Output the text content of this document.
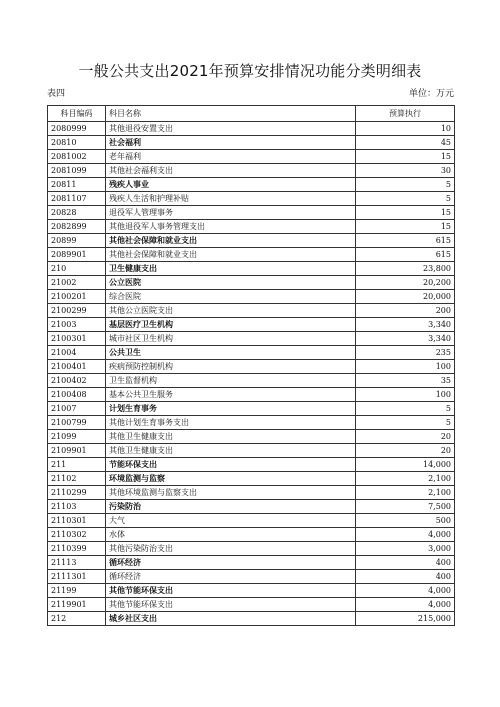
一般公共支出2021年预算安排情况功能分类明细表
表四	单位：万元
科目编码	科目名称	预算执行
2080999	其他退役安置支出	10
20810	社会福利	45
2081002	老年福利	15
2081099	其他社会福利支出	30
20811	残疾人事业	5
2081107	残疾人生活和护理补贴	5
20828	退役军人管理事务	15
2082899	其他退役军人事务管理支出	15
20899	其他社会保障和就业支出	615
2089901	其他社会保障和就业支出	615
210	卫生健康支出	23,800
21002	公立医院	20,200
2100201	综合医院	20,000
2100299	其他公立医院支出	200
21003	基层医疗卫生机构	3,340
2100301	城市社区卫生机构	3,340
21004	公共卫生	235
2100401	疾病预防控制机构	100
2100402	卫生监督机构	35
2100408	基本公共卫生服务	100
21007	计划生育事务	5
2100799	其他计划生育事务支出	5
21099	其他卫生健康支出	20
2109901	其他卫生健康支出	20
211	节能环保支出	14,000
21102	环境监测与监察	2,100
2110299	其他环境监测与监察支出	2,100
21103	污染防治	7,500
2110301	大气	500
2110302	水体	4,000
2110399	其他污染防治支出	3,000
21113	循环经济	400
2111301	循环经济	400
21199	其他节能环保支出	4,000
2119901	其他节能环保支出	4,000
212	城乡社区支出	215,000
